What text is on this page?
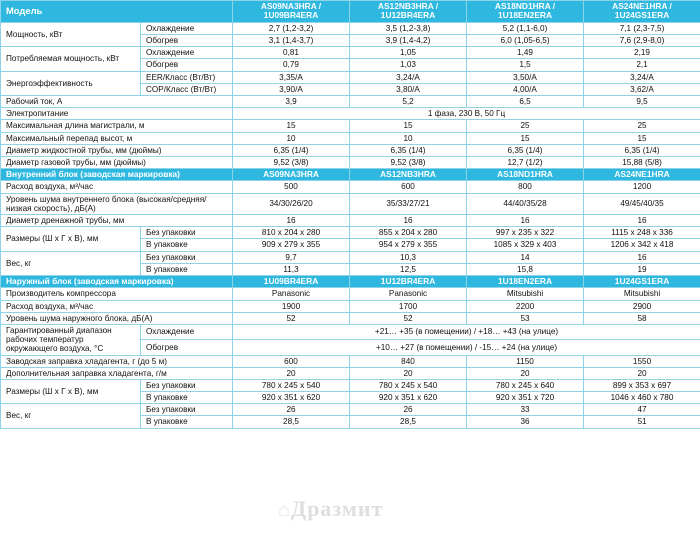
Модель		AS09NA3HRA / 1U09BR4ERA	AS12NB3HRA / 1U12BR4ERA	AS18ND1HRA / 1U18EN2ERA	AS24NE1HRA / 1U24GS1ERA

Мощность, кВт	Охлаждение	2,7 (1,2-3,2)	3,5 (1,2-3,8)	5,2 (1,1-6,0)	7,1 (2,3-7,5)
	Обогрев	3,1 (1,4-3,7)	3,9 (1,4-4,2)	6,0 (1,05-6,5)	7,6 (2,9-8,0)
Потребляемая мощность, кВт	Охлаждение	0,81	1,05	1,49	2,19
	Обогрев	0,79	1,03	1,5	2,1
Энергоэффективность	EER/Класс (Вт/Вт)	3,35/A	3,24/A	3,50/A	3,24/A
	COP/Класс (Вт/Вт)	3,90/A	3,80/A	4,00/A	3,62/A
Рабочий ток, А		3,9	5,2	6,5	9,5
Электропитание		1 фаза, 230 В, 50 Гц			
Максимальная длина магистрали, м		15	15	25	25
Максимальный перепад высот, м		10	10	15	15
Диаметр жидкостной трубы, мм (дюймы)		6,35 (1/4)	6,35 (1/4)	6,35 (1/4)	6,35 (1/4)
Диаметр газовой трубы, мм (дюймы)		9,52 (3/8)	9,52 (3/8)	12,7 (1/2)	15,88 (5/8)
Внутренний блок (заводская маркировка)		AS09NA3HRA	AS12NB3HRA	AS18ND1HRA	AS24NE1HRA
Расход воздуха, м³/час		500	600	800	1200
Уровень шума внутреннего блока (высокая/средняя/низкая скорость), дБ(А)		34/30/26/20	35/33/27/21	44/40/35/28	49/45/40/35
Диаметр дренажной трубы, мм		16	16	16	16
Размеры (Ш х Г х В), мм	Без упаковки	810 х 204 х 280	855 х 204 х 280	997 х 235 х 322	1115 х 248 х 336
	В упаковке	909 х 279 х 355	954 х 279 х 355	1085 х 329 х 403	1206 х 342 х 418
Вес, кг	Без упаковки	9,7	10,3	14	16
	В упаковке	11,3	12,5	15,8	19
Наружный блок (заводская маркировка)		1U09BR4ERA	1U12BR4ERA	1U18EN2ERA	1U24GS1ERA
Производитель компрессора		Panasonic	Panasonic	Mitsubishi	Mitsubishi
Расход воздуха, м³/час		1900	1700	2200	2900
Уровень шума наружного блока, дБ(А)		52	52	53	58
Гарантированный диапазон рабочих температур окружающего воздуха, °C	Охлаждение	+21… +35 (в помещении) / +18… +43 (на улице)			
	Обогрев	+10… +27 (в помещении) / -15… +24 (на улице)			
Заводская заправка хладагента, г (до 5 м)		600	840	1150	1550
Дополнительная заправка хладагента, г/м		20	20	20	20
Размеры (Ш х Г х В), мм	Без упаковки	780 х 245 х 540	780 х 245 х 540	780 х 245 х 640	899 х 353 х 697
	В упаковке	920 х 351 х 620	920 х 351 х 620	920 х 351 х 720	1046 х 460 х 780
Вес, кг	Без упаковки	26	26	33	47
	В упаковке	28,5	28,5	36	51
⌂Дразмит
